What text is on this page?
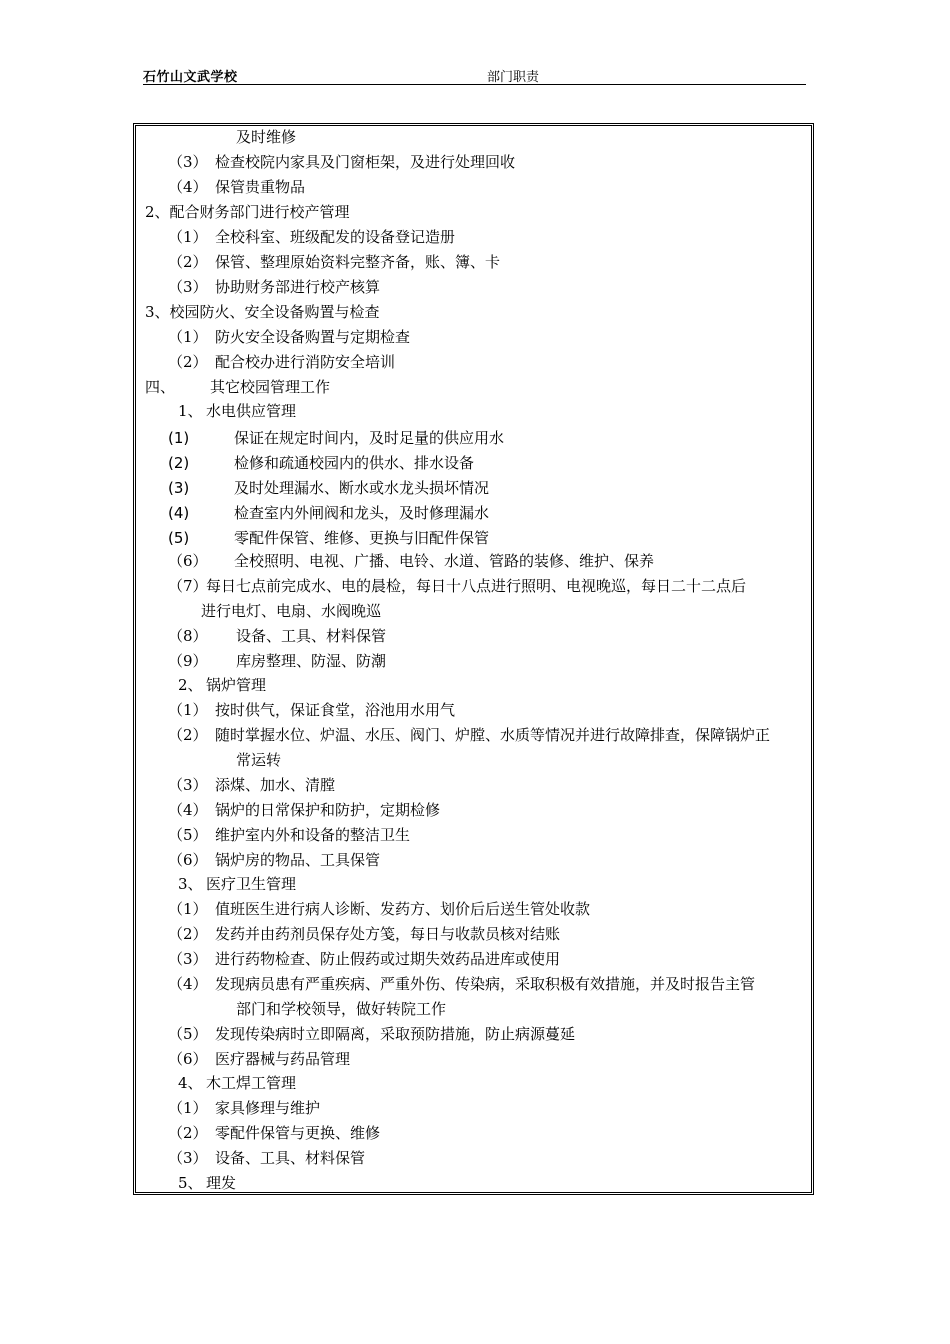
石竹山文武学校	部门职责
及时维修
（3） 检查校院内家具及门窗柜架，及进行处理回收
（4） 保管贵重物品
2、配合财务部门进行校产管理
（1） 全校科室、班级配发的设备登记造册
（2） 保管、整理原始资料完整齐备，账、簿、卡
（3） 协助财务部进行校产核算
3、校园防火、安全设备购置与检查
（1） 防火安全设备购置与定期检查
（2） 配合校办进行消防安全培训
四、 其它校园管理工作
1、 水电供应管理
(1)	保证在规定时间内，及时足量的供应用水
(2)	检修和疏通校园内的供水、排水设备
(3)	及时处理漏水、断水或水龙头损坏情况
(4)	检查室内外闸阀和龙头，及时修理漏水
(5)	零配件保管、维修、更换与旧配件保管
（6） 全校照明、电视、广播、电铃、水道、管路的装修、维护、保养
（7）
每日七点前完成水、电的晨检，每日十八点进行照明、电视晚巡，每日二十二点后
进行电灯、电扇、水阀晚巡
（8） 设备、工具、材料保管
（9） 库房整理、防湿、防潮
2、 锅炉管理
（1） 按时供气，保证食堂，浴池用水用气
（2） 随时掌握水位、炉温、水压、阀门、炉膛、水质等情况并进行故障排查，保障锅炉正
常运转
（3） 添煤、加水、清膛
（4） 锅炉的日常保护和防护，定期检修
（5） 维护室内外和设备的整洁卫生
（6） 锅炉房的物品、工具保管
3、 医疗卫生管理
（1） 值班医生进行病人诊断、发药方、划价后后送生管处收款
（2） 发药并由药剂员保存处方笺，每日与收款员核对结账
（3） 进行药物检查、防止假药或过期失效药品进库或使用
（4） 发现病员患有严重疾病、严重外伤、传染病，采取积极有效措施，并及时报告主管
部门和学校领导，做好转院工作
（5） 发现传染病时立即隔离，采取预防措施，防止病源蔓延
（6） 医疗器械与药品管理
4、 木工焊工管理
（1） 家具修理与维护
（2） 零配件保管与更换、维修
（3） 设备、工具、材料保管
5、 理发
